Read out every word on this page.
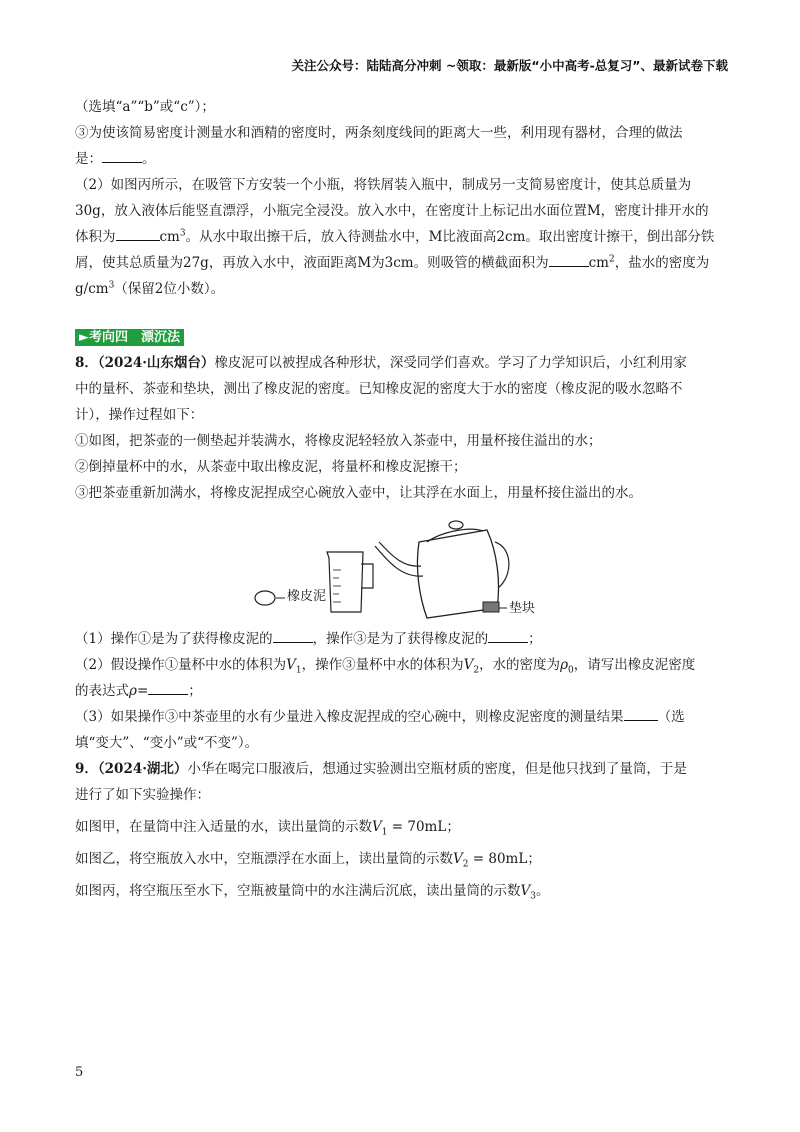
关注公众号：陆陆高分冲刺 ~领取：最新版“小中高考-总复习”、最新试卷下载

（选填“a”“b”或“c”）；

③为使该简易密度计测量水和酒精的密度时，两条刻度线间的距离大一些，利用现有器材，合理的做法

是：	。

（2）如图丙所示，在吸管下方安装一个小瓶，将铁屑装入瓶中，制成另一支简易密度计，使其总质量为

30g，放入液体后能竖直漂浮，小瓶完全浸没。放入水中，在密度计上标记出水面位置M，密度计排开水的

体积为	$cm^3$。从水中取出擦干后，放入待测盐水中，M比液面高2cm。取出密度计擦干，倒出部分铁

屑，使其总质量为27g，再放入水中，液面距离M为3cm。则吸管的横截面积为	$cm^2$，盐水的密度为

$g/cm^3$（保留2位小数）。

►考向四　漂沉法

8．（2024·山东烟台）橡皮泥可以被捏成各种形状，深受同学们喜欢。学习了力学知识后，小红利用家

中的量杯、茶壶和垫块，测出了橡皮泥的密度。已知橡皮泥的密度大于水的密度（橡皮泥的吸水忽略不

计），操作过程如下：

①如图，把茶壶的一侧垫起并装满水，将橡皮泥轻轻放入茶壶中，用量杯接住溢出的水；

②倒掉量杯中的水，从茶壶中取出橡皮泥，将量杯和橡皮泥擦干；

③把茶壶重新加满水，将橡皮泥捏成空心碗放入壶中，让其浮在水面上，用量杯接住溢出的水。

橡皮泥
垫块

（1）操作①是为了获得橡皮泥的	，操作③是为了获得橡皮泥的	；

（2）假设操作①量杯中水的体积为$V_1$，操作③量杯中水的体积为$V_2$，水的密度为$\rho_0$，请写出橡皮泥密度

的表达式ρ=	；

（3）如果操作③中茶壶里的水有少量进入橡皮泥捏成的空心碗中，则橡皮泥密度的测量结果	（选

填“变大”、“变小”或“不变”）。

9．（2024·湖北）小华在喝完口服液后，想通过实验测出空瓶材质的密度，但是他只找到了量筒，于是

进行了如下实验操作：

如图甲，在量筒中注入适量的水，读出量筒的示数$V_1 = 70mL$；

如图乙，将空瓶放入水中，空瓶漂浮在水面上，读出量筒的示数$V_2 = 80mL$；

如图丙，将空瓶压至水下，空瓶被量筒中的水注满后沉底，读出量筒的示数$V_3$。

5
